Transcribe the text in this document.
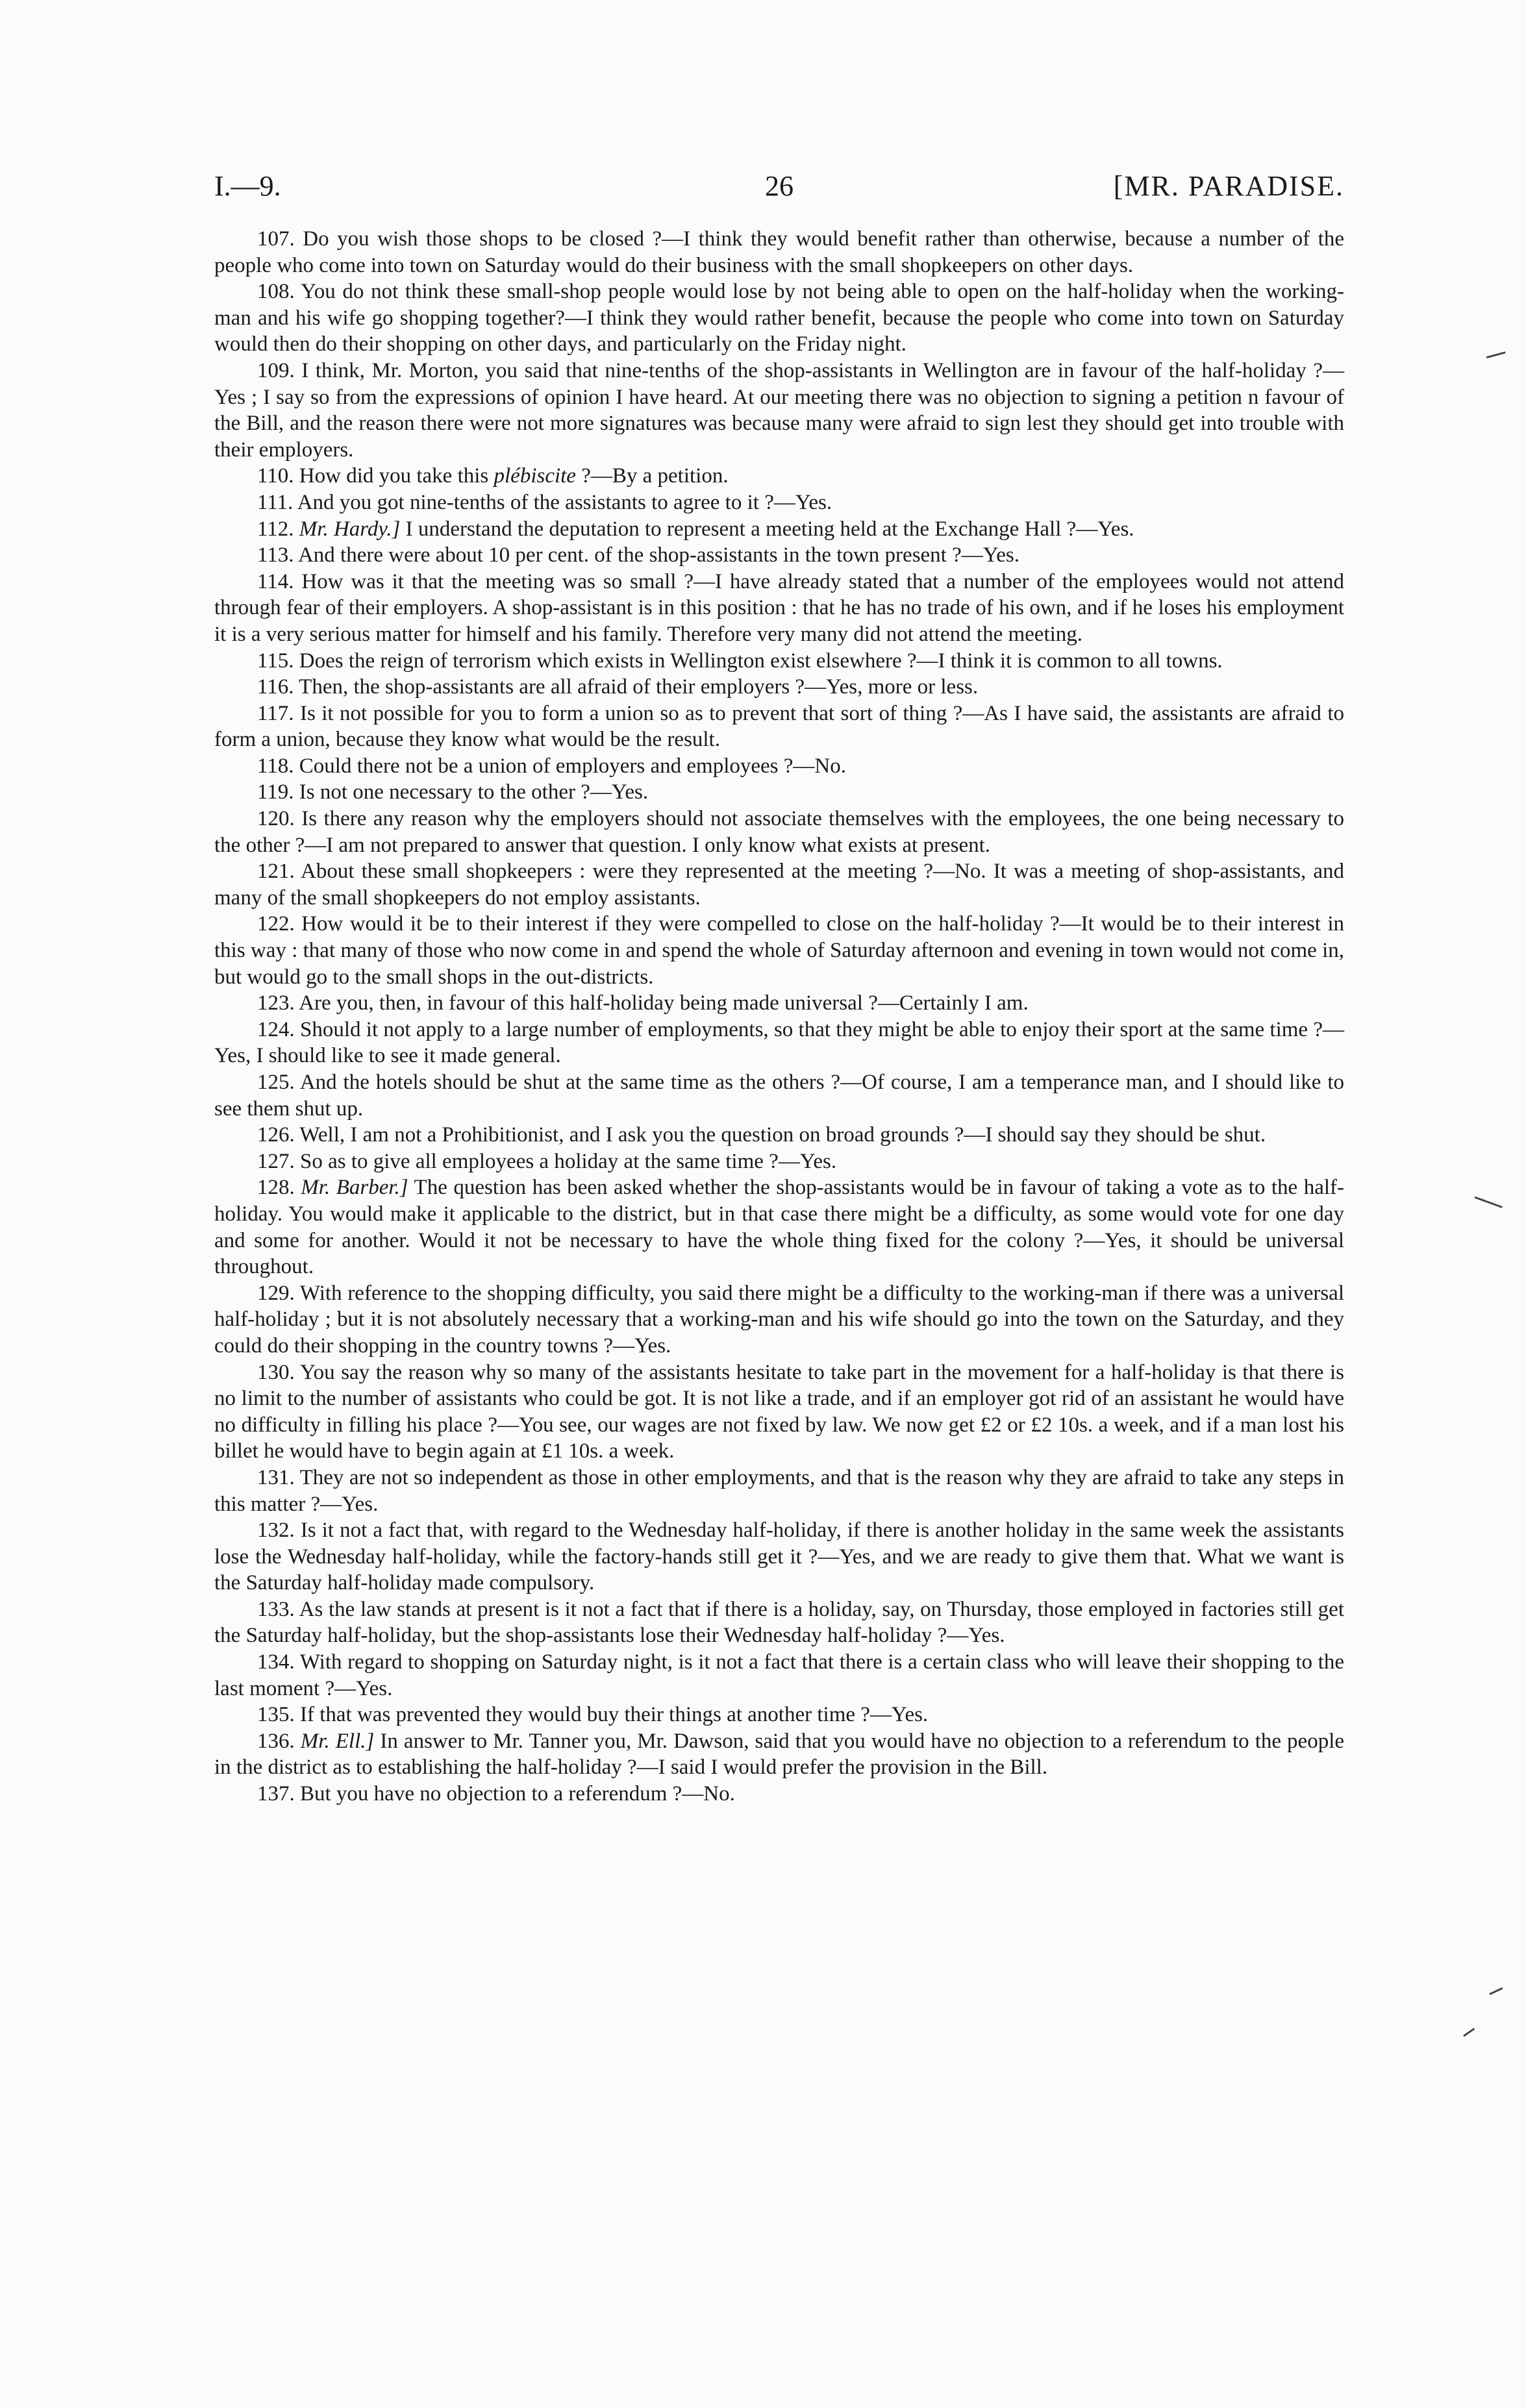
I.—9.	26	[MR. PARADISE.

107. Do you wish those shops to be closed ?—I think they would benefit rather than otherwise, because a number of the people who come into town on Saturday would do their business with the small shopkeepers on other days.

108. You do not think these small-shop people would lose by not being able to open on the half-holiday when the working-man and his wife go shopping together?—I think they would rather benefit, because the people who come into town on Saturday would then do their shopping on other days, and particularly on the Friday night.

109. I think, Mr. Morton, you said that nine-tenths of the shop-assistants in Wellington are in favour of the half-holiday ?—Yes ; I say so from the expressions of opinion I have heard. At our meeting there was no objection to signing a petition n favour of the Bill, and the reason there were not more signatures was because many were afraid to sign lest they should get into trouble with their employers.

110. How did you take this plébiscite ?—By a petition.

111. And you got nine-tenths of the assistants to agree to it ?—Yes.

112. Mr. Hardy.] I understand the deputation to represent a meeting held at the Exchange Hall ?—Yes.

113. And there were about 10 per cent. of the shop-assistants in the town present ?—Yes.

114. How was it that the meeting was so small ?—I have already stated that a number of the employees would not attend through fear of their employers. A shop-assistant is in this position : that he has no trade of his own, and if he loses his employment it is a very serious matter for himself and his family. Therefore very many did not attend the meeting.

115. Does the reign of terrorism which exists in Wellington exist elsewhere ?—I think it is common to all towns.

116. Then, the shop-assistants are all afraid of their employers ?—Yes, more or less.

117. Is it not possible for you to form a union so as to prevent that sort of thing ?—As I have said, the assistants are afraid to form a union, because they know what would be the result.

118. Could there not be a union of employers and employees ?—No.

119. Is not one necessary to the other ?—Yes.

120. Is there any reason why the employers should not associate themselves with the employees, the one being necessary to the other ?—I am not prepared to answer that question. I only know what exists at present.

121. About these small shopkeepers : were they represented at the meeting ?—No. It was a meeting of shop-assistants, and many of the small shopkeepers do not employ assistants.

122. How would it be to their interest if they were compelled to close on the half-holiday ?—It would be to their interest in this way : that many of those who now come in and spend the whole of Saturday afternoon and evening in town would not come in, but would go to the small shops in the out-districts.

123. Are you, then, in favour of this half-holiday being made universal ?—Certainly I am.

124. Should it not apply to a large number of employments, so that they might be able to enjoy their sport at the same time ?—Yes, I should like to see it made general.

125. And the hotels should be shut at the same time as the others ?—Of course, I am a temperance man, and I should like to see them shut up.

126. Well, I am not a Prohibitionist, and I ask you the question on broad grounds ?—I should say they should be shut.

127. So as to give all employees a holiday at the same time ?—Yes.

128. Mr. Barber.] The question has been asked whether the shop-assistants would be in favour of taking a vote as to the half-holiday. You would make it applicable to the district, but in that case there might be a difficulty, as some would vote for one day and some for another. Would it not be necessary to have the whole thing fixed for the colony ?—Yes, it should be universal throughout.

129. With reference to the shopping difficulty, you said there might be a difficulty to the working-man if there was a universal half-holiday ; but it is not absolutely necessary that a working-man and his wife should go into the town on the Saturday, and they could do their shopping in the country towns ?—Yes.

130. You say the reason why so many of the assistants hesitate to take part in the movement for a half-holiday is that there is no limit to the number of assistants who could be got. It is not like a trade, and if an employer got rid of an assistant he would have no difficulty in filling his place ?—You see, our wages are not fixed by law. We now get £2 or £2 10s. a week, and if a man lost his billet he would have to begin again at £1 10s. a week.

131. They are not so independent as those in other employments, and that is the reason why they are afraid to take any steps in this matter ?—Yes.

132. Is it not a fact that, with regard to the Wednesday half-holiday, if there is another holiday in the same week the assistants lose the Wednesday half-holiday, while the factory-hands still get it ?—Yes, and we are ready to give them that. What we want is the Saturday half-holiday made compulsory.

133. As the law stands at present is it not a fact that if there is a holiday, say, on Thursday, those employed in factories still get the Saturday half-holiday, but the shop-assistants lose their Wednesday half-holiday ?—Yes.

134. With regard to shopping on Saturday night, is it not a fact that there is a certain class who will leave their shopping to the last moment ?—Yes.

135. If that was prevented they would buy their things at another time ?—Yes.

136. Mr. Ell.] In answer to Mr. Tanner you, Mr. Dawson, said that you would have no objection to a referendum to the people in the district as to establishing the half-holiday ?—I said I would prefer the provision in the Bill.

137. But you have no objection to a referendum ?—No.
